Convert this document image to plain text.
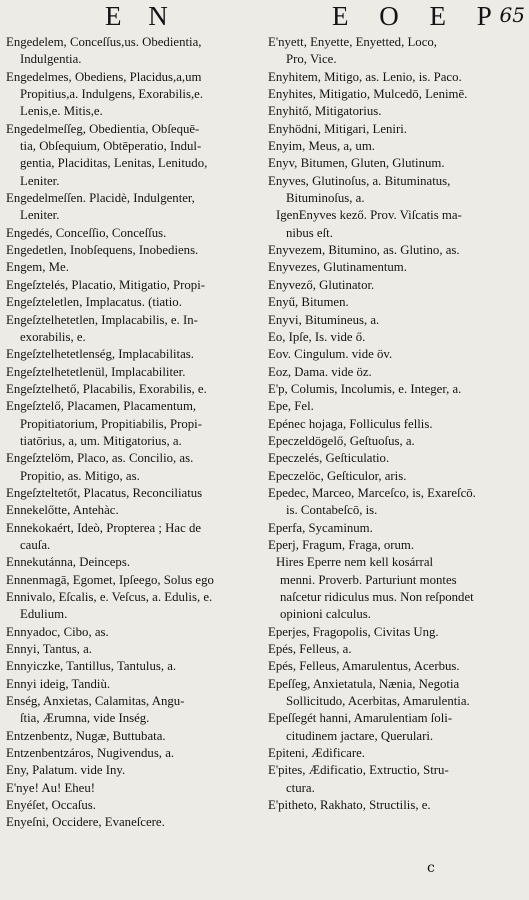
E N	E O E P
65
Engedelem, Conceſſus,us. Obedientia,
Indulgentia.
Engedelmes, Obediens, Placidus,a,um
Propitius,a. Indulgens, Exorabilis,e.
Lenis,e. Mitis,e.
Engedelmeſſeg, Obedientia, Obſequē-
tia, Obſequium, Obtēperatio, Indul-
gentia, Placiditas, Lenitas, Lenitudo,
Leniter.
Engedelmeſſen. Placidè, Indulgenter,
Leniter.
Engedés, Conceſſio, Conceſſus.
Engedetlen, Inobſequens, Inobediens.
Engem, Me.
Engeſztelés, Placatio, Mitigatio, Propi-
Engeſzteletlen, Implacatus. (tiatio.
Engeſztelhetetlen, Implacabilis, e. In-
exorabilis, e.
Engeſztelhetetlenség, Implacabilitas.
Engeſztelhetetlenül, Implacabiliter.
Engeſztelhető, Placabilis, Exorabilis, e.
Engeſztelő, Placamen, Placamentum,
Propitiatorium, Propitiabilis, Propi-
tiatōrius, a, um. Mitigatorius, a.
Engeſztelöm, Placo, as. Concilio, as.
Propitio, as. Mitigo, as.
Engeſzteltetőt, Placatus, Reconciliatus
Ennekelőtte, Antehàc.
Ennekokaért, Ideò, Propterea ; Hac de
cauſa.
Ennekutánna, Deinceps.
Ennenmagā, Egomet, Ipſeego, Solus ego
Ennivalo, Eſcalis, e. Veſcus, a. Edulis, e.
Edulium.
Ennyadoc, Cibo, as.
Ennyi, Tantus, a.
Ennyiczke, Tantillus, Tantulus, a.
Ennyi ideig, Tandiù.
Enség, Anxietas, Calamitas, Angu-
ſtia, Ærumna, vide Inség.
Entzenbentz, Nugæ, Buttubata.
Entzenbentzáros, Nugivendus, a.
Eny, Palatum. vide Iny.
E'nye! Au! Eheu!
Enyéſet, Occaſus.
Enyeſni, Occidere, Evaneſcere.
E'nyett, Enyette, Enyetted, Loco,
Pro, Vice.
Enyhitem, Mitigo, as. Lenio, is. Paco.
Enyhites, Mitigatio, Mulcedō, Lenimē.
Enyhitő, Mitigatorius.
Enyhödni, Mitigari, Leniri.
Enyim, Meus, a, um.
Enyv, Bitumen, Gluten, Glutinum.
Enyves, Glutinoſus, a. Bituminatus,
Bituminoſus, a.
IgenEnyves kező. Prov. Viſcatis ma-
nibus eſt.
Enyvezem, Bitumino, as. Glutino, as.
Enyvezes, Glutinamentum.
Enyvező, Glutinator.
Enyű, Bitumen.
Enyvi, Bitumineus, a.
Eo, Ipſe, Is. vide ő.
Eov. Cingulum. vide öv.
Eoz, Dama. vide öz.
E'p, Columis, Incolumis, e. Integer, a.
Epe, Fel.
Epénec hojaga, Folliculus fellis.
Epeczeldögelő, Geſtuoſus, a.
Epeczelés, Geſticulatio.
Epeczelöc, Geſticulor, aris.
Epedec, Marceo, Marceſco, is, Exareſcō.
is. Contabeſcō, is.
Eperfa, Sycaminum.
Eperj, Fragum, Fraga, orum.
Hires Eperre nem kell kosárral
menni. Proverb. Parturiunt montes
naſcetur ridiculus mus. Non reſpondet
opinioni calculus.
Eperjes, Fragopolis, Civitas Ung.
Epés, Felleus, a.
Epés, Felleus, Amarulentus, Acerbus.
Epeſſeg, Anxietatula, Nænia, Negotia
Sollicitudo, Acerbitas, Amarulentia.
Epeſſegét hanni, Amarulentiam ſoli-
citudinem jactare, Querulari.
Epiteni, Ædificare.
E'pites, Ædificatio, Extructio, Stru-
ctura.
E'pitheto, Rakhato, Structilis, e.
c
